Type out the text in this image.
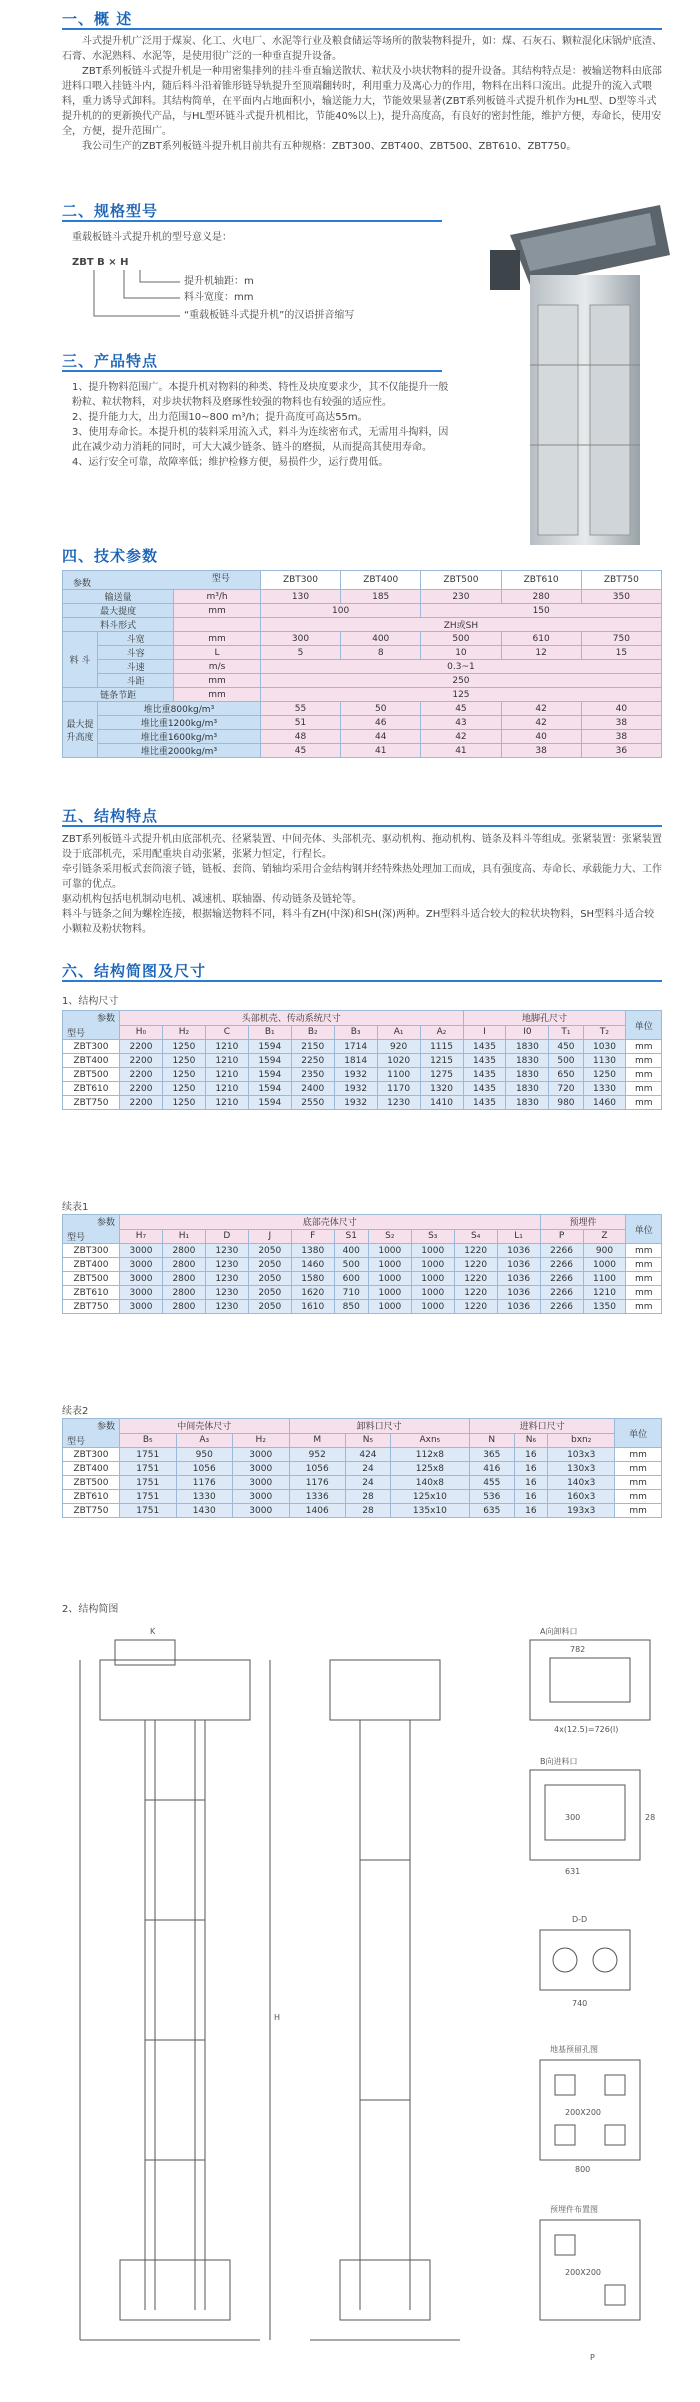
一、概 述

斗式提升机广泛用于煤炭、化工、火电厂、水泥等行业及粮食储运等场所的散装物料提升，如：煤、石灰石、颗粒混化床锅炉底渣、石膏、水泥熟料、水泥等，是使用很广泛的一种垂直提升设备。

ZBT系列板链斗式提升机是一种用密集排列的挂斗垂直输送散状、粒状及小块状物料的提升设备。其结构特点是：被输送物料由底部进料口喂入挂链斗内，随后料斗沿着锥形链导轨提升至顶端翻转时，利用重力及离心力的作用，物料在出料口流出。此提升的流入式喂料，重力诱导式卸料。其结构简单，在平面内占地面积小，输送能力大，节能效果显著(ZBT系列板链斗式提升机作为HL型、D型等斗式提升机的的更新换代产品，与HL型环链斗式提升机相比，节能40%以上)，提升高度高，有良好的密封性能，维护方便，寿命长，使用安全，方便，提升范围广。

我公司生产的ZBT系列板链斗提升机目前共有五种规格：ZBT300、ZBT400、ZBT500、ZBT610、ZBT750。

二、规格型号
重载板链斗式提升机的型号意义是：
ZBT B × H
提升机轴距：m
料斗宽度：mm
“重载板链斗式提升机”的汉语拼音缩写
三、产品特点

1、提升物料范围广。本提升机对物料的种类、特性及块度要求少，其不仅能提升一般粉粒、粒状物料，对步块状物料及磨琢性较强的物料也有较强的适应性。

2、提升能力大，出力范围10~800 m³/h；提升高度可高达55m。

3、使用寿命长。本提升机的装料采用流入式，料斗为连续密布式，无需用斗掏料，因此在减少动力消耗的同时，可大大减少链条、链斗的磨损，从而提高其使用寿命。

4、运行安全可靠，故障率低；维护检修方便，易损件少，运行费用低。

四、技术参数
型号
参数			ZBT300	ZBT400	ZBT500	ZBT610	ZBT750
输送量		m³/h	130	185	230	280	350
最大提度		mm	100		150		
料斗形式			ZH或SH				
料 斗	斗宽	mm	300	400	500	610	750
	斗容	L	5	8	10	12	15
	斗速	m/s	0.3~1				
	斗距	mm	250				
链条节距		mm	125				
最大提升高度	堆比重800kg/m³		55	50	45	42	40
	堆比重1200kg/m³		51	46	43	42	38
	堆比重1600kg/m³		48	44	42	40	38
	堆比重2000kg/m³		45	41	41	38	36
五、结构特点

ZBT系列板链斗式提升机由底部机壳、径紧装置、中间壳体、头部机壳、驱动机构、拖动机构、链条及料斗等组成。张紧装置：张紧装置设于底部机壳，采用配重块自动张紧，张紧力恒定，行程长。

牵引链条采用板式套筒滚子链，链板、套筒、销轴均采用合金结构钢并经特殊热处理加工而成，具有强度高、寿命长、承载能力大、工作可靠的优点。

驱动机构包括电机制动电机、减速机、联轴器、传动链条及链轮等。

料斗与链条之间为螺栓连接，根据输送物料不同，料斗有ZH(中深)和SH(深)两种。ZH型料斗适合较大的粒状块物料，SH型料斗适合较小颗粒及粉状物料。

六、结构简图及尺寸
1、结构尺寸
参数
型号	头部机壳、传动系统尺寸								地脚孔尺寸				单位
	H₀	H₂	C	B₁	B₂	B₃	A₁	A₂	I	I0	T₁	T₂	
ZBT300	2200	1250	1210	1594	2150	1714	920	1115	1435	1830	450	1030	mm
ZBT400	2200	1250	1210	1594	2250	1814	1020	1215	1435	1830	500	1130	mm
ZBT500	2200	1250	1210	1594	2350	1932	1100	1275	1435	1830	650	1250	mm
ZBT610	2200	1250	1210	1594	2400	1932	1170	1320	1435	1830	720	1330	mm
ZBT750	2200	1250	1210	1594	2550	1932	1230	1410	1435	1830	980	1460	mm
续表1
参数
型号	底部壳体尺寸										预埋件		单位
	H₇	H₁	D	J	F	S1	S₂	S₃	S₄	L₁	P	Z	
ZBT300	3000	2800	1230	2050	1380	400	1000	1000	1220	1036	2266	900	mm
ZBT400	3000	2800	1230	2050	1460	500	1000	1000	1220	1036	2266	1000	mm
ZBT500	3000	2800	1230	2050	1580	600	1000	1000	1220	1036	2266	1100	mm
ZBT610	3000	2800	1230	2050	1620	710	1000	1000	1220	1036	2266	1210	mm
ZBT750	3000	2800	1230	2050	1610	850	1000	1000	1220	1036	2266	1350	mm
续表2
参数
型号	中间壳体尺寸			卸料口尺寸			进料口尺寸			单位
	B₅	A₃	H₂	M	N₅	Axn₅	N	N₆	bxn₂	
ZBT300	1751	950	3000	952	424	112x8	365	16	103x3	mm
ZBT400	1751	1056	3000	1056	24	125x8	416	16	130x3	mm
ZBT500	1751	1176	3000	1176	24	140x8	455	16	140x3	mm
ZBT610	1751	1330	3000	1336	28	125x10	536	16	160x3	mm
ZBT750	1751	1430	3000	1406	28	135x10	635	16	193x3	mm
2、结构简图
A向卸料口
782
4x(12.5)=726(l)
B向进料口
300
631
28
D-D
740
地基预留孔图
200X200
800
预埋件布置图
200X200
K
P
H
